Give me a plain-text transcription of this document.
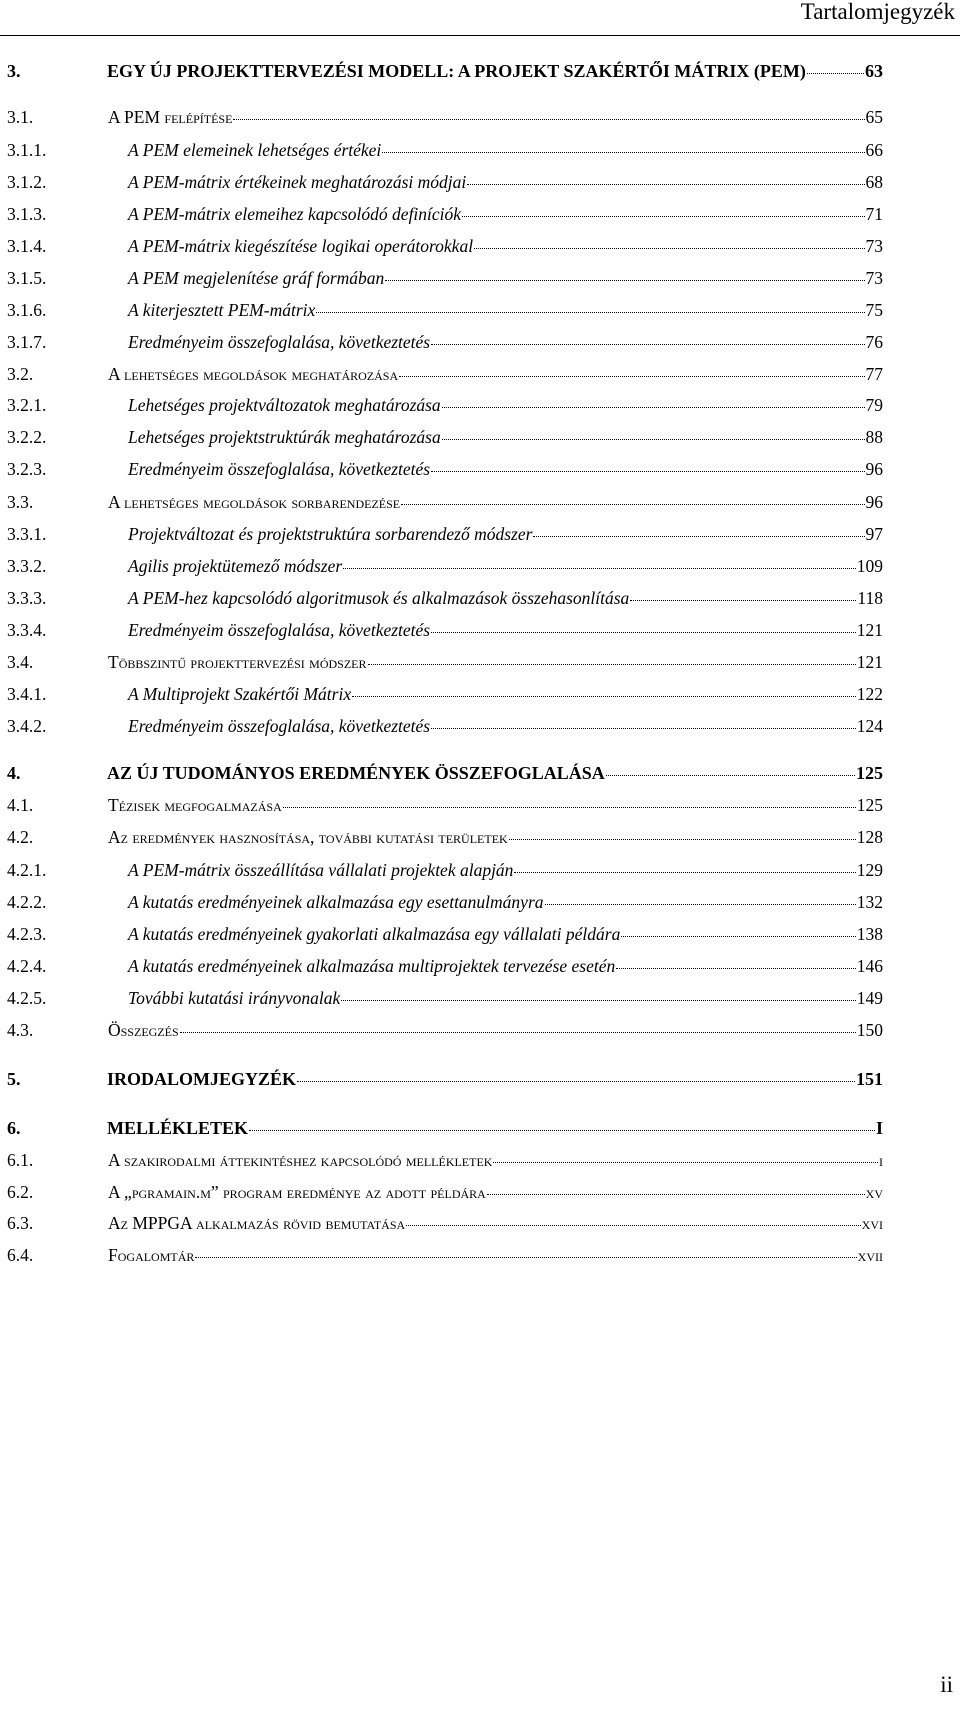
Tartalomjegyzék
3.	EGY ÚJ PROJEKTTERVEZÉSI MODELL: A PROJEKT SZAKÉRTŐI MÁTRIX (PEM)	63
3.1.	A PEM felépítése	65
3.1.1.	A PEM elemeinek lehetséges értékei	66
3.1.2.	A PEM-mátrix értékeinek meghatározási módjai	68
3.1.3.	A PEM-mátrix elemeihez kapcsolódó definíciók	71
3.1.4.	A PEM-mátrix kiegészítése logikai operátorokkal	73
3.1.5.	A PEM megjelenítése gráf formában	73
3.1.6.	A kiterjesztett PEM-mátrix	75
3.1.7.	Eredményeim összefoglalása, következtetés	76
3.2.	A lehetséges megoldások meghatározása	77
3.2.1.	Lehetséges projektváltozatok meghatározása	79
3.2.2.	Lehetséges projektstruktúrák meghatározása	88
3.2.3.	Eredményeim összefoglalása, következtetés	96
3.3.	A lehetséges megoldások sorbarendezése	96
3.3.1.	Projektváltozat és projektstruktúra sorbarendező módszer	97
3.3.2.	Agilis projektütemező módszer	109
3.3.3.	A PEM-hez kapcsolódó algoritmusok és alkalmazások összehasonlítása	118
3.3.4.	Eredményeim összefoglalása, következtetés	121
3.4.	Többszintű projekttervezési módszer	121
3.4.1.	A Multiprojekt Szakértői Mátrix	122
3.4.2.	Eredményeim összefoglalása, következtetés	124
4.	AZ ÚJ TUDOMÁNYOS EREDMÉNYEK ÖSSZEFOGLALÁSA	125
4.1.	Tézisek megfogalmazása	125
4.2.	Az eredmények hasznosítása, további kutatási területek	128
4.2.1.	A PEM-mátrix összeállítása vállalati projektek alapján	129
4.2.2.	A kutatás eredményeinek alkalmazása egy esettanulmányra	132
4.2.3.	A kutatás eredményeinek gyakorlati alkalmazása egy vállalati példára	138
4.2.4.	A kutatás eredményeinek alkalmazása multiprojektek tervezése esetén	146
4.2.5.	További kutatási irányvonalak	149
4.3.	Összegzés	150
5.	IRODALOMJEGYZÉK	151
6.	MELLÉKLETEK	I
6.1.	A szakirodalmi áttekintéshez kapcsolódó mellékletek	i
6.2.	A „pgramain.m” program eredménye az adott példára	xv
6.3.	Az MPPGA alkalmazás rövid bemutatása	xvi
6.4.	Fogalomtár	xvii
ii
